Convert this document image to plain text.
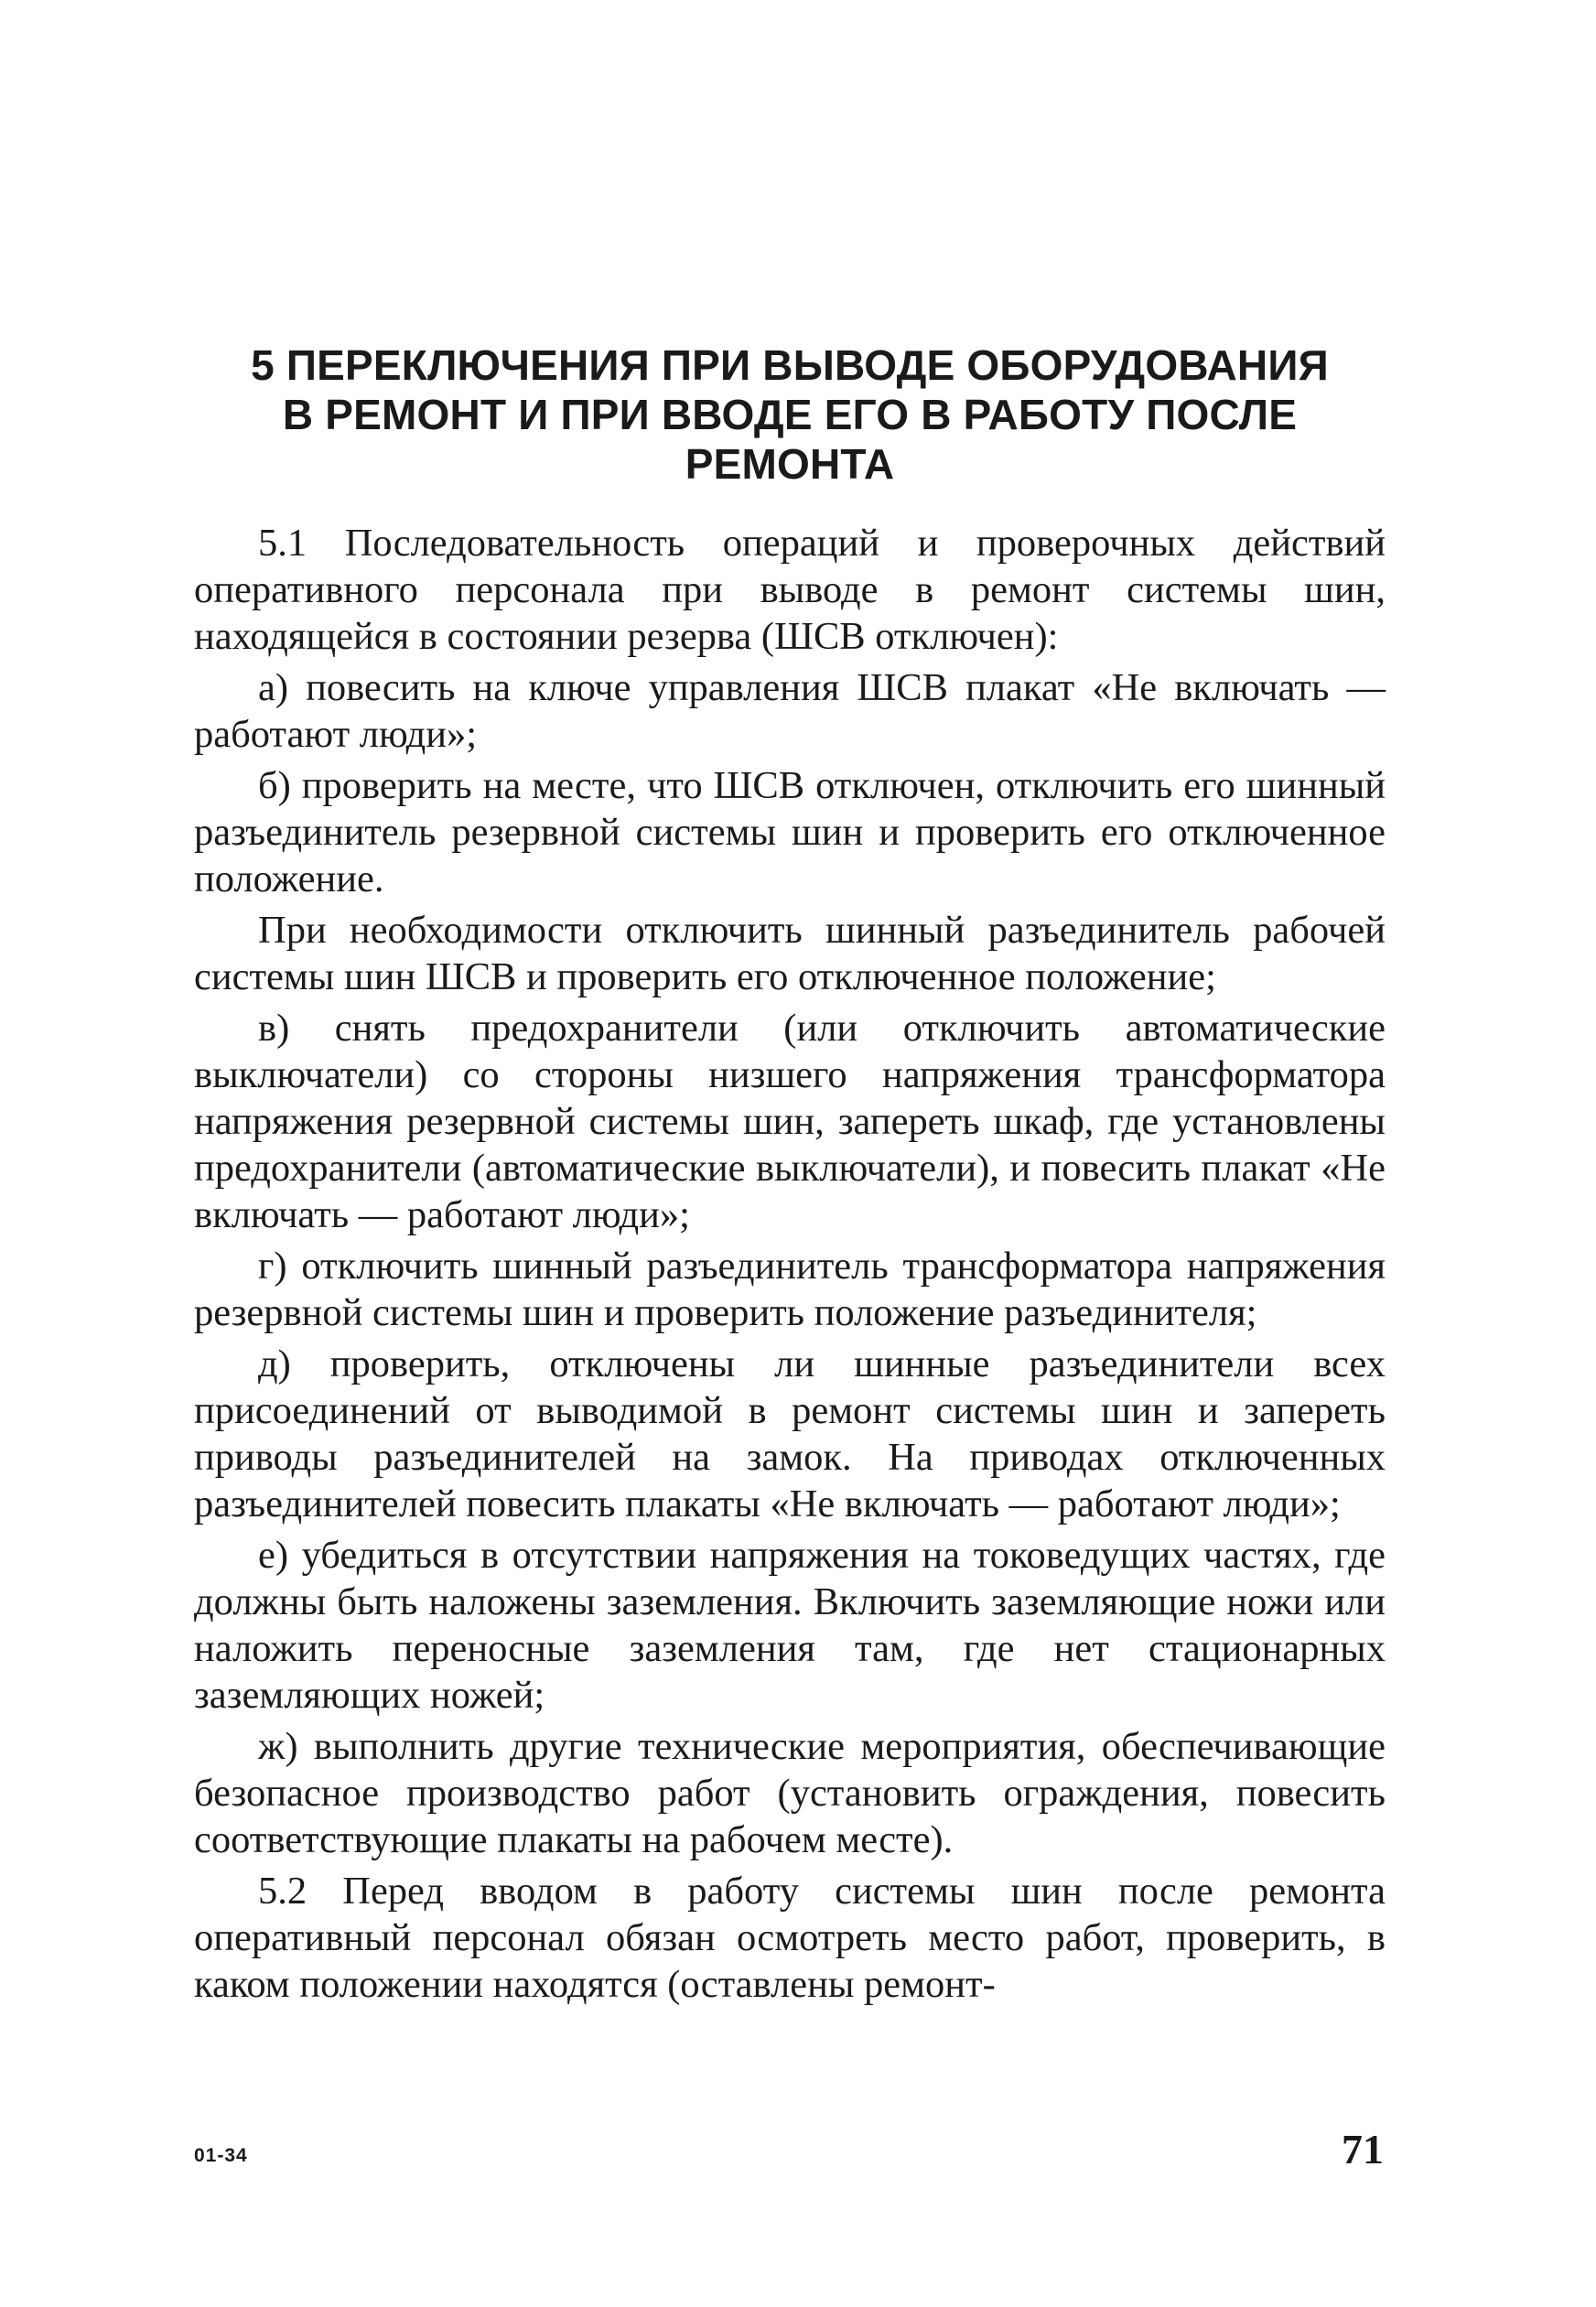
5 ПЕРЕКЛЮЧЕНИЯ ПРИ ВЫВОДЕ ОБОРУДОВАНИЯ
В РЕМОНТ И ПРИ ВВОДЕ ЕГО В РАБОТУ ПОСЛЕ РЕМОНТА

5.1 Последовательность операций и проверочных действий оперативного персонала при выводе в ремонт системы шин, находящейся в состоянии резерва (ШСВ отключен):

а) повесить на ключе управления ШСВ плакат «Не включать — работают люди»;

б) проверить на месте, что ШСВ отключен, отключить его шинный разъединитель резервной системы шин и проверить его отключенное положение.

При необходимости отключить шинный разъединитель рабочей системы шин ШСВ и проверить его отключенное положение;

в) снять предохранители (или отключить автоматические выключатели) со стороны низшего напряжения трансформатора напряжения резервной системы шин, запереть шкаф, где установлены предохранители (автоматические выключатели), и повесить плакат «Не включать — работают люди»;

г) отключить шинный разъединитель трансформатора напряжения резервной системы шин и проверить положение разъединителя;

д) проверить, отключены ли шинные разъединители всех присоединений от выводимой в ремонт системы шин и запереть приводы разъединителей на замок. На приводах отключенных разъединителей повесить плакаты «Не включать — работают люди»;

е) убедиться в отсутствии напряжения на токоведущих частях, где должны быть наложены заземления. Включить заземляющие ножи или наложить переносные заземления там, где нет стационарных заземляющих ножей;

ж) выполнить другие технические мероприятия, обеспечивающие безопасное производство работ (установить ограждения, повесить соответствующие плакаты на рабочем месте).

5.2 Перед вводом в работу системы шин после ремонта оперативный персонал обязан осмотреть место работ, проверить, в каком положении находятся (оставлены ремонт-

01-34	71
